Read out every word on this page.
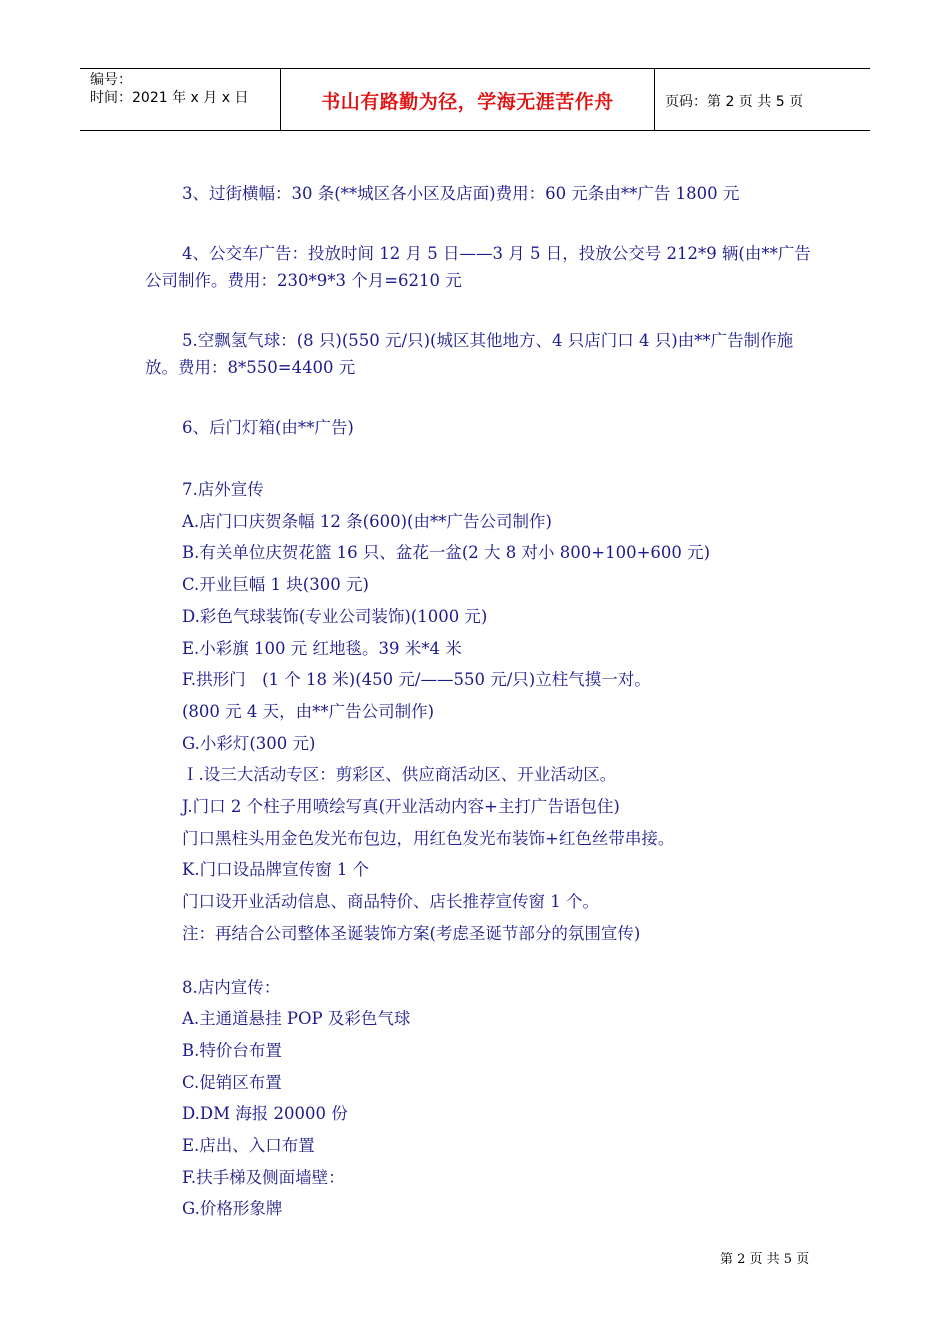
编号：
时间：2021 年 x 月 x 日	书山有路勤为径，学海无涯苦作舟	页码：第 2 页 共 5 页
3、过街横幅：30 条(**城区各小区及店面)费用：60 元条由**广告 1800 元
4、公交车广告：投放时间 12 月 5 日——3 月 5 日，投放公交号 212*9 辆(由**广告公司制作。费用：230*9*3 个月=6210 元
5.空飘氢气球：(8 只)(550 元/只)(城区其他地方、4 只店门口 4 只)由**广告制作施放。费用：8*550=4400 元
6、后门灯箱(由**广告)
7.店外宣传
A.店门口庆贺条幅 12 条(600)(由**广告公司制作)
B.有关单位庆贺花篮 16 只、盆花一盆(2 大 8 对小 800+100+600 元)
C.开业巨幅 1 块(300 元)
D.彩色气球装饰(专业公司装饰)(1000 元)
E.小彩旗 100 元 红地毯。39 米*4 米
F.拱形门　(1 个 18 米)(450 元/——550 元/只)立柱气摸一对。
(800 元 4 天，由**广告公司制作)
G.小彩灯(300 元)
Ｉ.设三大活动专区：剪彩区、供应商活动区、开业活动区。
J.门口 2 个柱子用喷绘写真(开业活动内容+主打广告语包住)
门口黑柱头用金色发光布包边，用红色发光布装饰+红色丝带串接。
K.门口设品牌宣传窗 1 个
门口设开业活动信息、商品特价、店长推荐宣传窗 1 个。
注：再结合公司整体圣诞装饰方案(考虑圣诞节部分的氛围宣传)
8.店内宣传：
A.主通道悬挂 POP 及彩色气球
B.特价台布置
C.促销区布置
D.DM 海报 20000 份
E.店出、入口布置
F.扶手梯及侧面墙壁：
G.价格形象牌
第 2 页 共 5 页
